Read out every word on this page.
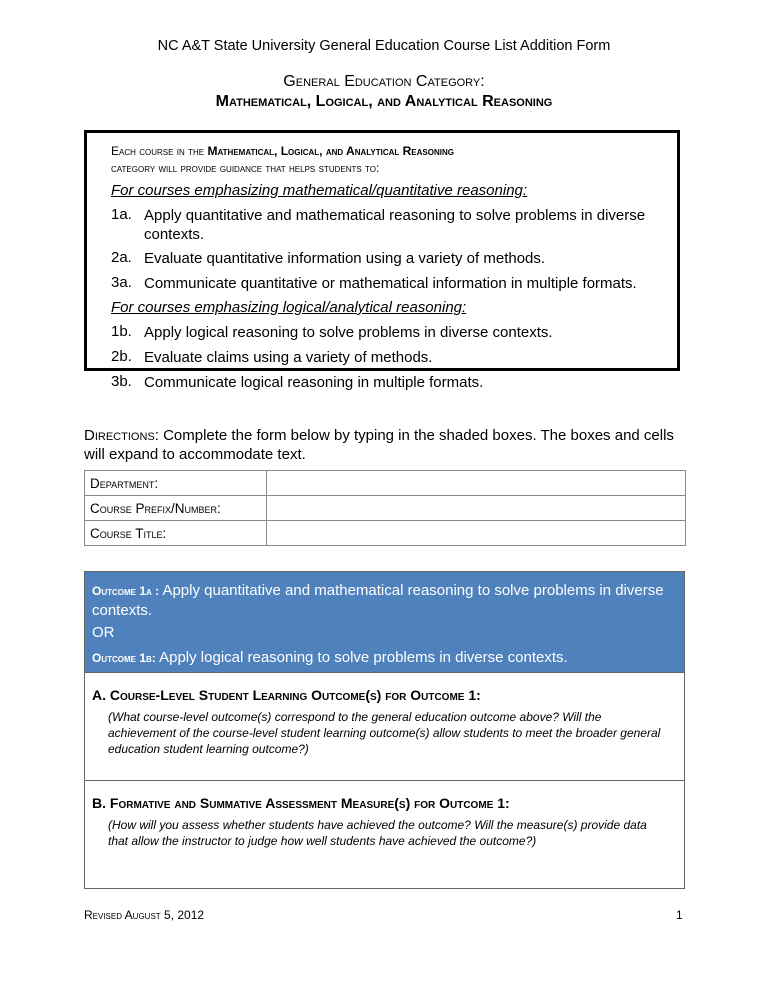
NC A&T State University General Education Course List Addition Form
General Education Category:
Mathematical, Logical, and Analytical Reasoning
Each course in the Mathematical, Logical, and Analytical Reasoning
category will provide guidance that helps students to:
For courses emphasizing mathematical/quantitative reasoning:
1a. Apply quantitative and mathematical reasoning to solve problems in diverse contexts.
2a. Evaluate quantitative information using a variety of methods.
3a. Communicate quantitative or mathematical information in multiple formats.
For courses emphasizing logical/analytical reasoning:
1b. Apply logical reasoning to solve problems in diverse contexts.
2b. Evaluate claims using a variety of methods.
3b. Communicate logical reasoning in multiple formats.
Directions: Complete the form below by typing in the shaded boxes. The boxes and cells will expand to accommodate text.
Department:	
Course Prefix/Number:	
Course Title:	
Outcome 1a : Apply quantitative and mathematical reasoning to solve problems in diverse contexts.
OR
Outcome 1b: Apply logical reasoning to solve problems in diverse contexts.
A. Course-Level Student Learning Outcome(s) for Outcome 1:
(What course-level outcome(s) correspond to the general education outcome above? Will the achievement of the course-level student learning outcome(s) allow students to meet the broader general education student learning outcome?)
B. Formative and Summative Assessment Measure(s) for Outcome 1:
(How will you assess whether students have achieved the outcome? Will the measure(s) provide data that allow the instructor to judge how well students have achieved the outcome?)
Revised August 5, 2012	1
